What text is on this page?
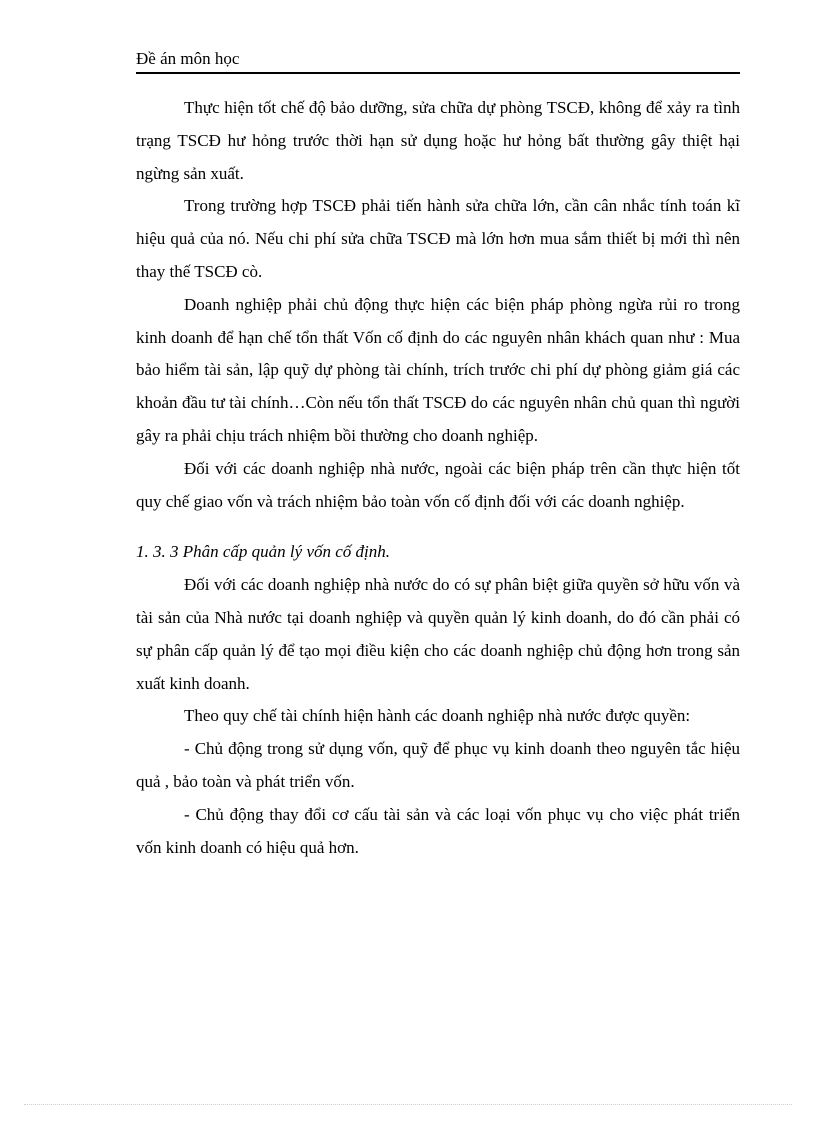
Đề án môn học

Thực hiện tốt chế độ bảo dưỡng, sửa chữa dự phòng TSCĐ, không để xảy ra tình trạng TSCĐ hư hỏng trước thời hạn sử dụng hoặc hư hỏng bất thường gây thiệt hại ngừng sản xuất.

Trong trường hợp TSCĐ phải tiến hành sửa chữa lớn, cần cân nhắc tính toán kĩ hiệu quả của nó. Nếu chi phí sửa chữa TSCĐ mà lớn hơn mua sắm thiết bị mới thì nên thay thế TSCĐ cò.

Doanh nghiệp phải chủ động thực hiện các biện pháp phòng ngừa rủi ro trong kinh doanh để hạn chế tổn thất Vốn cố định do các nguyên nhân khách quan như : Mua bảo hiểm tài sản, lập quỹ dự phòng tài chính, trích trước chi phí dự phòng giảm giá các khoản đầu tư tài chính…Còn nếu tổn thất TSCĐ do các nguyên nhân chủ quan thì người gây ra phải chịu trách nhiệm bồi thường cho doanh nghiệp.

Đối với các doanh nghiệp nhà nước, ngoài các biện pháp trên cần thực hiện tốt quy chế giao vốn và trách nhiệm bảo toàn vốn cố định đối với các doanh nghiệp.

1. 3. 3 Phân cấp quản lý vốn cố định.

Đối với các doanh nghiệp nhà nước do có sự phân biệt giữa quyền sở hữu vốn và tài sản của Nhà nước tại doanh nghiệp và quyền quản lý kinh doanh, do đó cần phải có sự phân cấp quản lý để tạo mọi điều kiện cho các doanh nghiệp chủ động hơn trong sản xuất kinh doanh.

Theo quy chế tài chính hiện hành các doanh nghiệp nhà nước được quyền:

- Chủ động trong sử dụng vốn, quỹ để phục vụ kinh doanh theo nguyên tắc hiệu quả , bảo toàn và phát triển vốn.

- Chủ động thay đổi cơ cấu tài sản và các loại vốn phục vụ cho việc phát triển vốn kinh doanh có hiệu quả hơn.
